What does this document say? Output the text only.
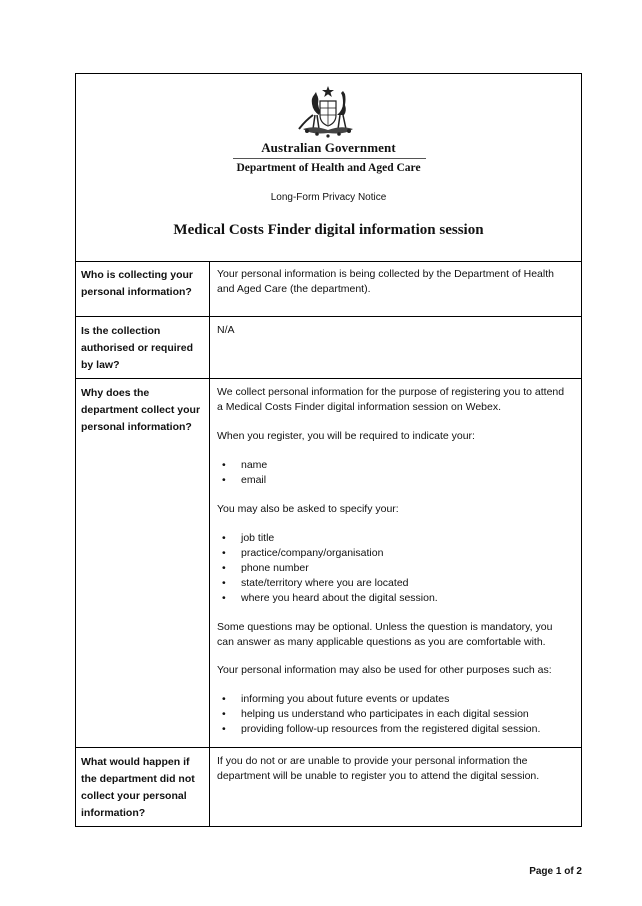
Australian Government
Department of Health and Aged Care
Long-Form Privacy Notice
Medical Costs Finder digital information session
Who is collecting your personal information?

Your personal information is being collected by the Department of Health and Aged Care (the department).

Is the collection authorised or required by law?

N/A

Why does the department collect your personal information?

We collect personal information for the purpose of registering you to attend a Medical Costs Finder digital information session on Webex.

When you register, you will be required to indicate your:

• name
• email

You may also be asked to specify your:

• job title
• practice/company/organisation
• phone number
• state/territory where you are located
• where you heard about the digital session.

Some questions may be optional. Unless the question is mandatory, you can answer as many applicable questions as you are comfortable with.

Your personal information may also be used for other purposes such as:

• informing you about future events or updates
• helping us understand who participates in each digital session
• providing follow-up resources from the registered digital session.
What would happen if the department did not collect your personal information?

If you do not or are unable to provide your personal information the department will be unable to register you to attend the digital session.

Page 1 of 2
